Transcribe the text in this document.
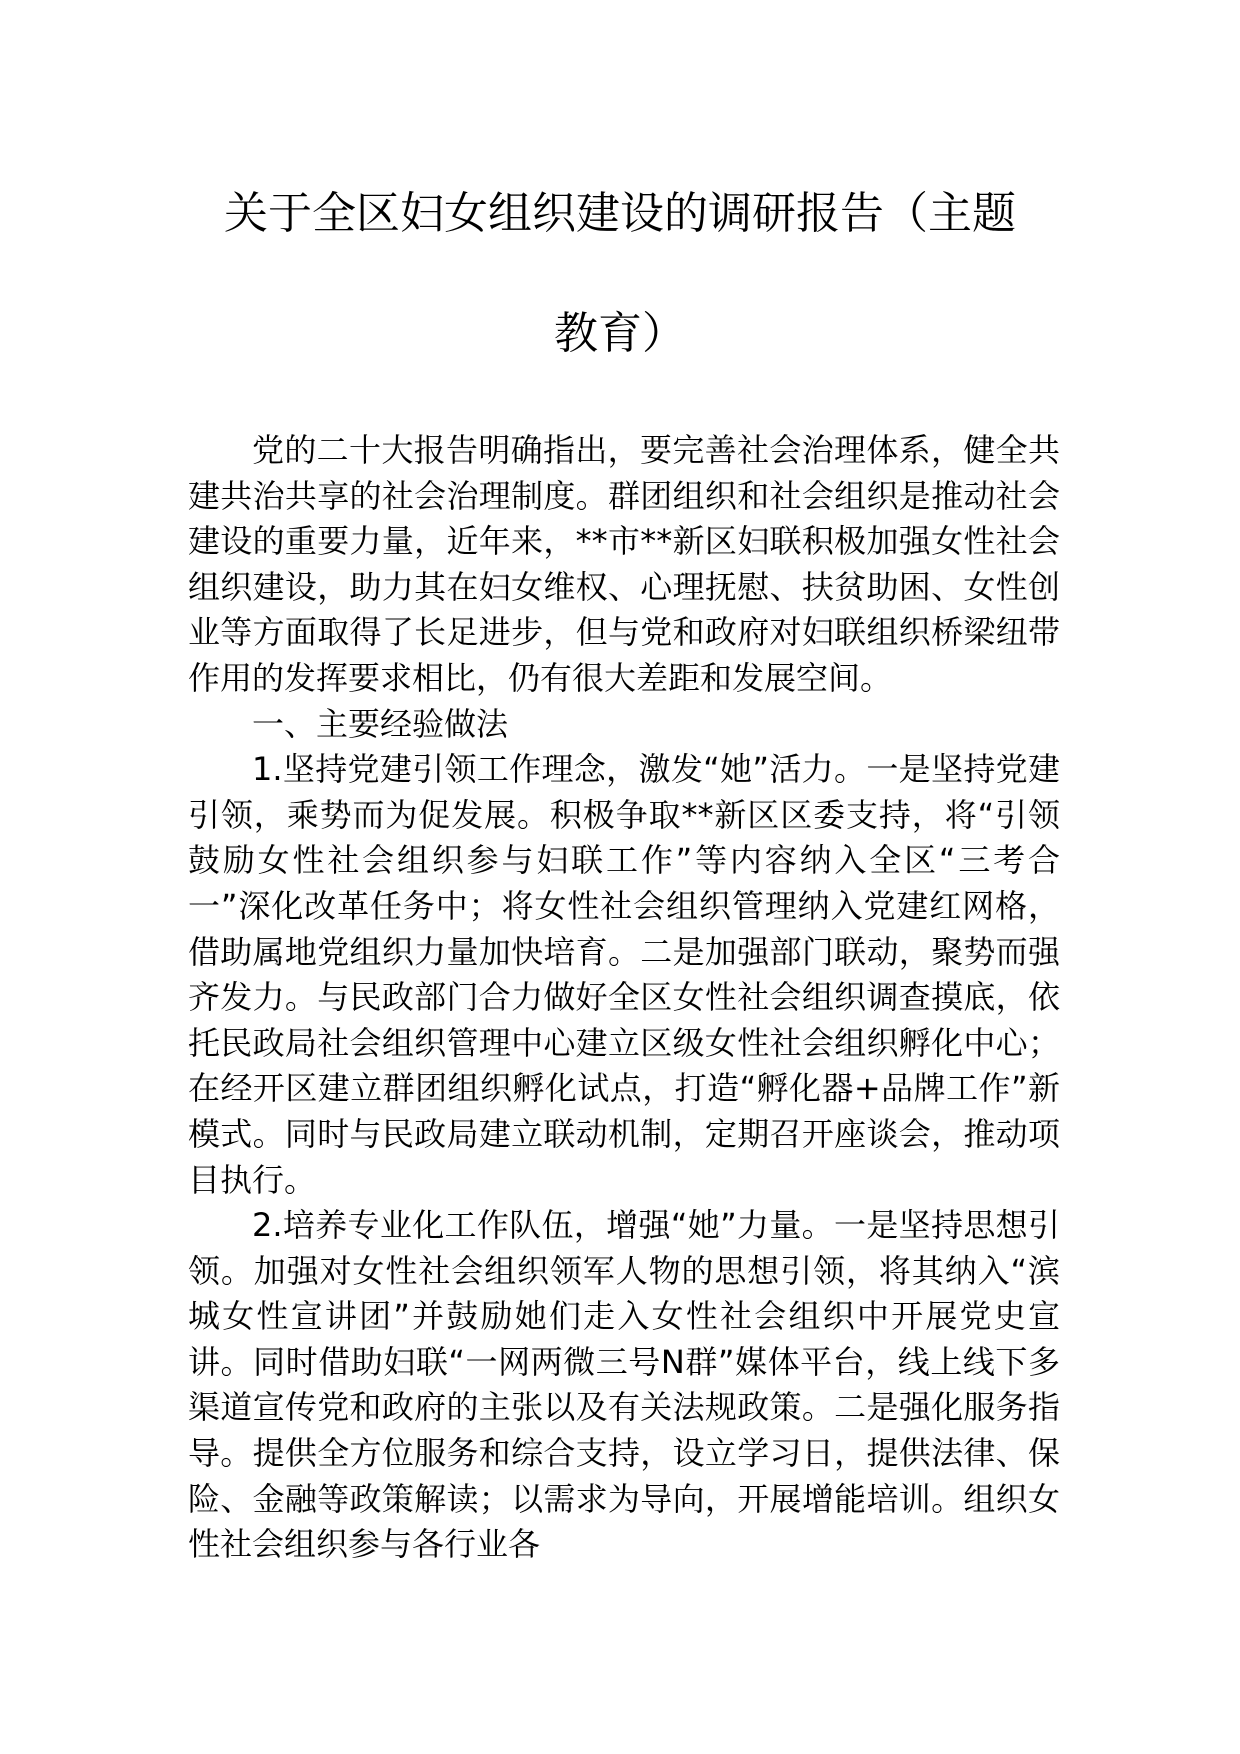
关于全区妇女组织建设的调研报告（主题
教育）

党的二十大报告明确指出，要完善社会治理体系，健全共建共治共享的社会治理制度。群团组织和社会组织是推动社会建设的重要力量，近年来，**市**新区妇联积极加强女性社会组织建设，助力其在妇女维权、心理抚慰、扶贫助困、女性创业等方面取得了长足进步，但与党和政府对妇联组织桥梁纽带作用的发挥要求相比，仍有很大差距和发展空间。

一、主要经验做法

1.坚持党建引领工作理念，激发“她”活力。一是坚持党建引领，乘势而为促发展。积极争取**新区区委支持，将“引领鼓励女性社会组织参与妇联工作”等内容纳入全区“三考合一”深化改革任务中；将女性社会组织管理纳入党建红网格，借助属地党组织力量加快培育。二是加强部门联动，聚势而强齐发力。与民政部门合力做好全区女性社会组织调查摸底，依托民政局社会组织管理中心建立区级女性社会组织孵化中心；在经开区建立群团组织孵化试点，打造“孵化器+品牌工作”新模式。同时与民政局建立联动机制，定期召开座谈会，推动项目执行。

2.培养专业化工作队伍，增强“她”力量。一是坚持思想引领。加强对女性社会组织领军人物的思想引领，将其纳入“滨城女性宣讲团”并鼓励她们走入女性社会组织中开展党史宣讲。同时借助妇联“一网两微三号N群”媒体平台，线上线下多渠道宣传党和政府的主张以及有关法规政策。二是强化服务指导。提供全方位服务和综合支持，设立学习日，提供法律、保险、金融等政策解读；以需求为导向，开展增能培训。组织女性社会组织参与各行业各
